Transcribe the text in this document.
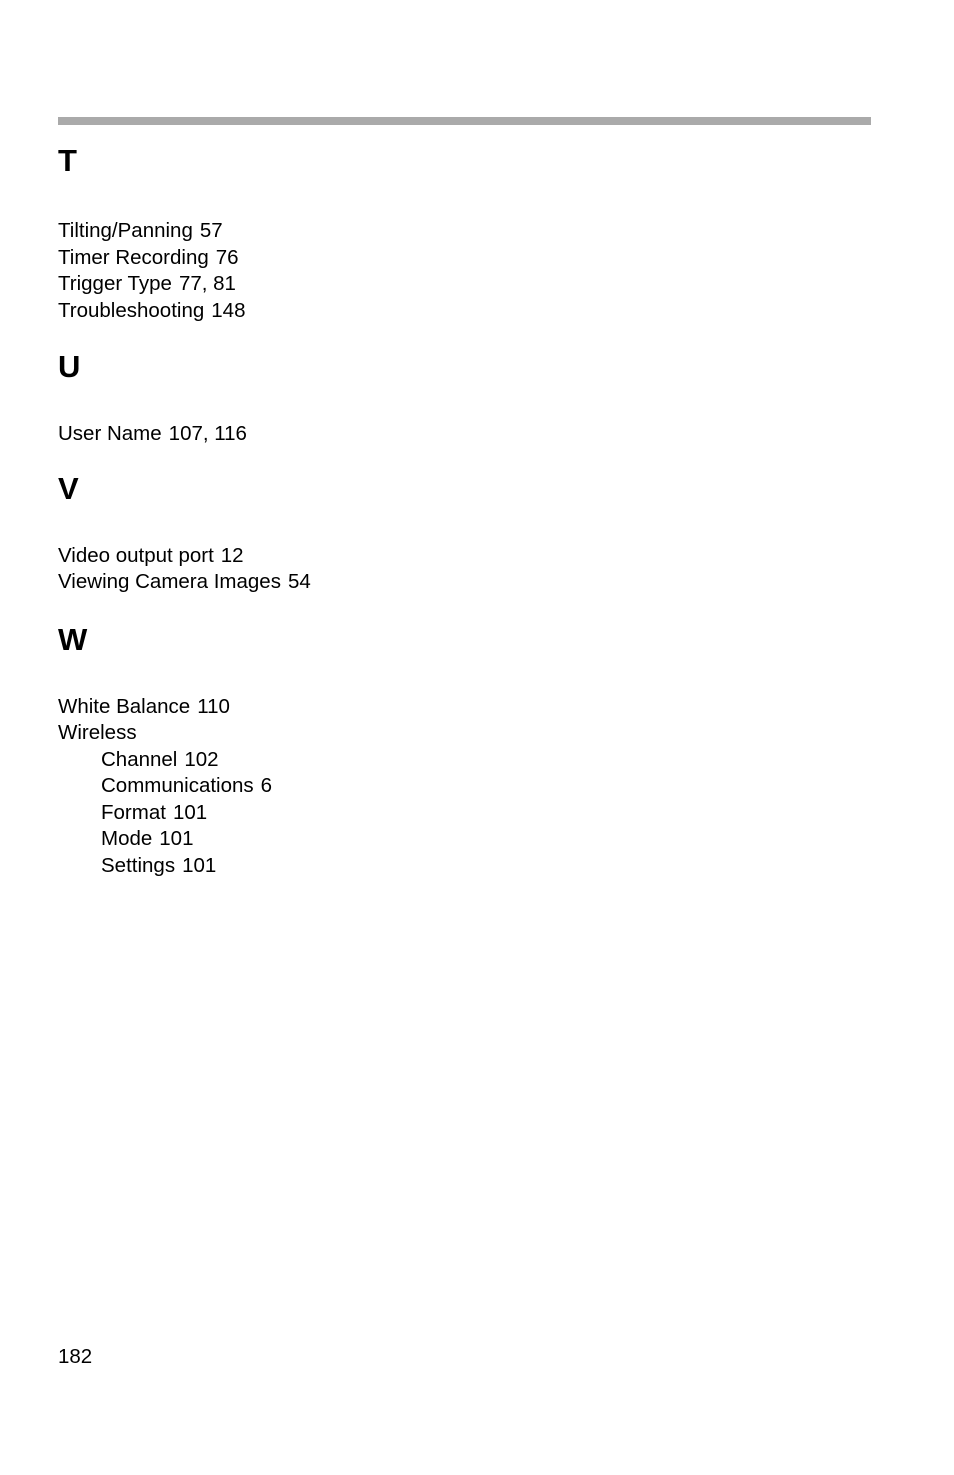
T
Tilting/Panning 57
Timer Recording 76
Trigger Type 77, 81
Troubleshooting 148
U
User Name 107, 116
V
Video output port 12
Viewing Camera Images 54
W
White Balance 110
Wireless
Channel 102
Communications 6
Format 101
Mode 101
Settings 101
182
